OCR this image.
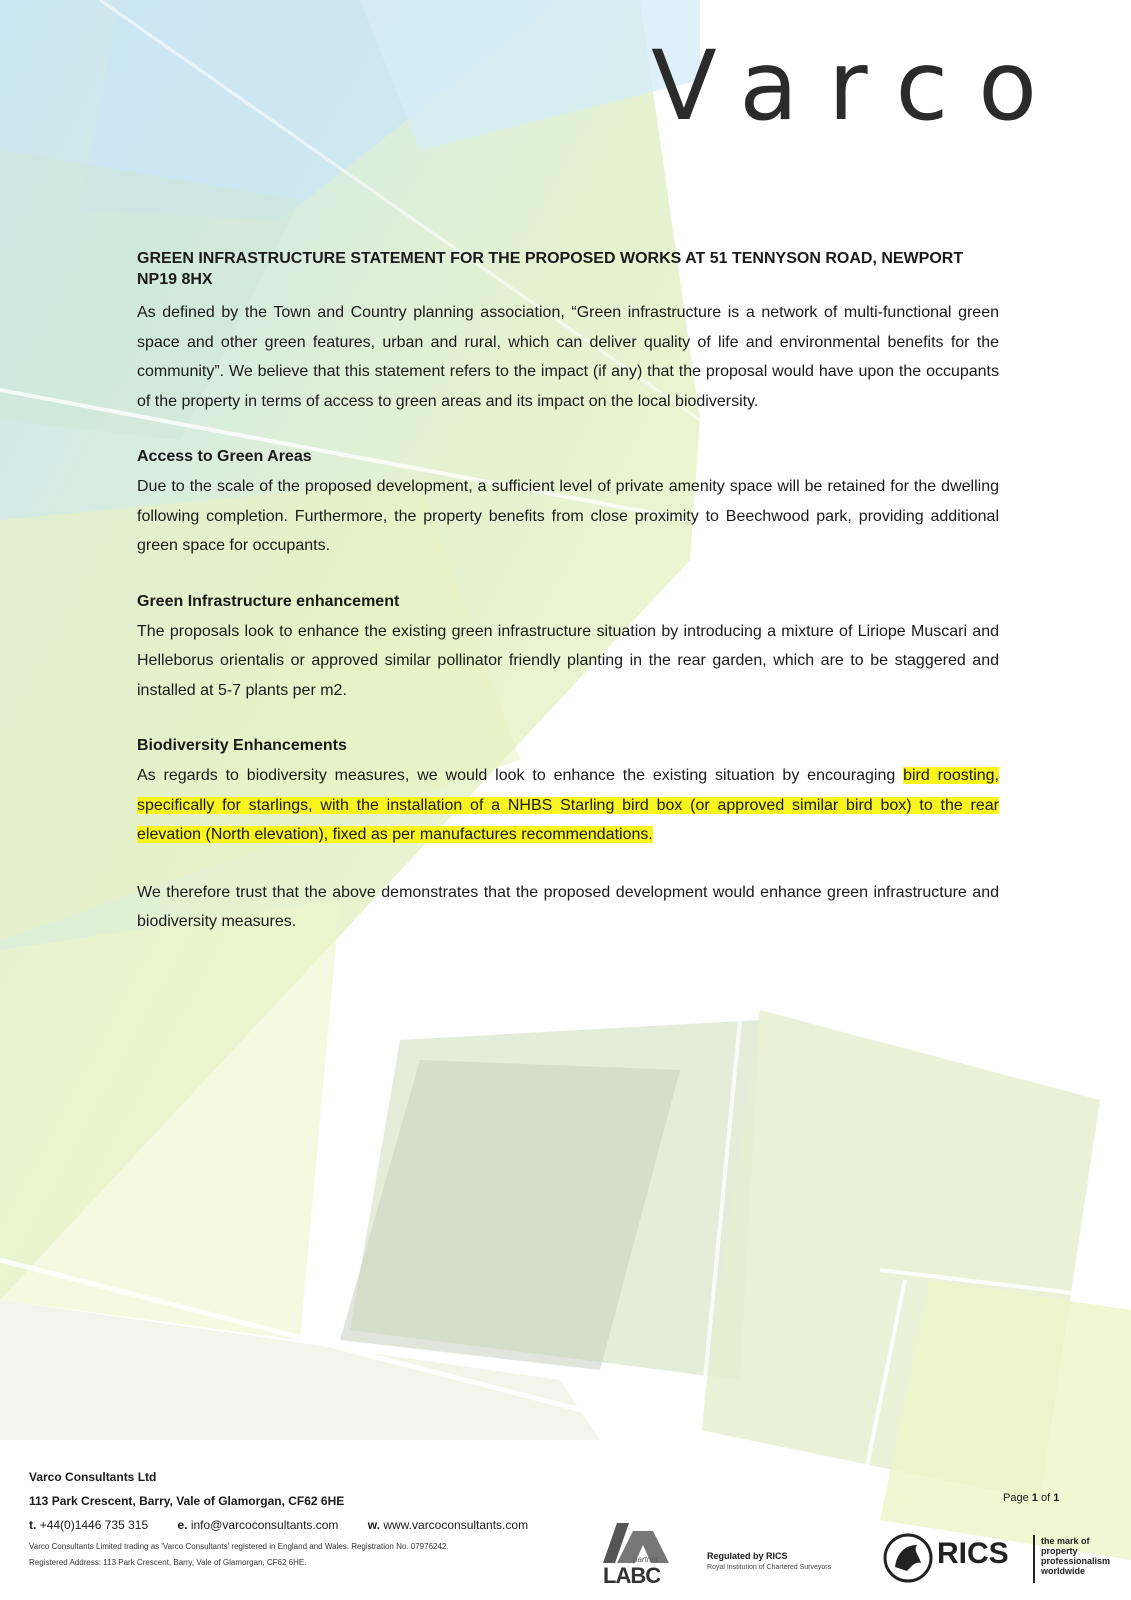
Varco

GREEN INFRASTRUCTURE STATEMENT FOR THE PROPOSED WORKS AT 51 TENNYSON ROAD, NEWPORT NP19 8HX

As defined by the Town and Country planning association, “Green infrastructure is a network of multi-functional green space and other green features, urban and rural, which can deliver quality of life and environmental benefits for the community”. We believe that this statement refers to the impact (if any) that the proposal would have upon the occupants of the property in terms of access to green areas and its impact on the local biodiversity.

Access to Green Areas

Due to the scale of the proposed development, a sufficient level of private amenity space will be retained for the dwelling following completion. Furthermore, the property benefits from close proximity to Beechwood park, providing additional green space for occupants.

Green Infrastructure enhancement

The proposals look to enhance the existing green infrastructure situation by introducing a mixture of Liriope Muscari and Helleborus orientalis or approved similar pollinator friendly planting in the rear garden, which are to be staggered and installed at 5-7 plants per m2.

Biodiversity Enhancements

As regards to biodiversity measures, we would look to enhance the existing situation by encouraging bird roosting, specifically for starlings, with the installation of a NHBS Starling bird box (or approved similar bird box) to the rear elevation (North elevation), fixed as per manufactures recommendations.

We therefore trust that the above demonstrates that the proposed development would enhance green infrastructure and biodiversity measures.

Varco Consultants Ltd

113 Park Crescent, Barry, Vale of Glamorgan, CF62 6HE

t. +44(0)1446 735 315 e. info@varcoconsultants.com w. www.varcoconsultants.com

Varco Consultants Limited trading as 'Varco Consultants' registered in England and Wales. Registration No. 07976242.

Registered Address: 113 Park Crescent, Barry, Vale of Glamorgan, CF62 6HE.

Page 1 of 1
partner
LABC
Regulated by RICS
Royal Institution of Chartered Surveyors	RICS	the mark of property professionalism worldwide
